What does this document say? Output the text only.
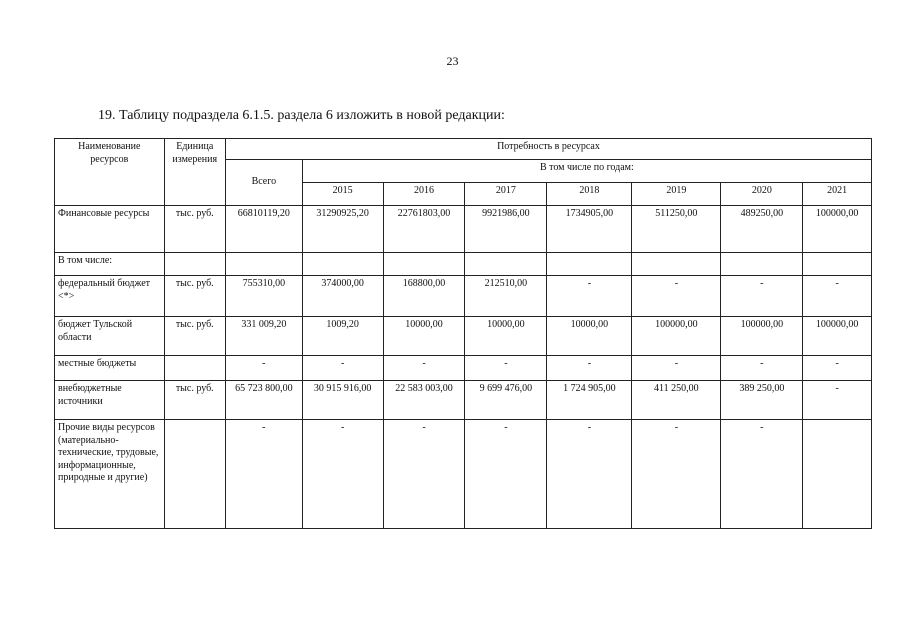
23
19. Таблицу подраздела 6.1.5. раздела 6 изложить в новой редакции:
Наименование ресурсов	Единица измерения	Потребность в ресурсах							
		Всего	В том числе по годам:						
			2015	2016	2017	2018	2019	2020	2021
Финансовые ресурсы	тыс. руб.	66810119,20	31290925,20	22761803,00	9921986,00	1734905,00	511250,00	489250,00	100000,00
В том числе:									
федеральный бюджет <*>	тыс. руб.	755310,00	374000,00	168800,00	212510,00	-	-	-	-
бюджет Тульской области	тыс. руб.	331 009,20	1009,20	10000,00	10000,00	10000,00	100000,00	100000,00	100000,00
местные бюджеты		-	-	-	-	-	-	-	-
внебюджетные источники	тыс. руб.	65 723 800,00	30 915 916,00	22 583 003,00	9 699 476,00	1 724 905,00	411 250,00	389 250,00	-
Прочие виды ресурсов (материально-технические, трудовые, информационные, природные и другие)		-	-	-	-	-	-	-	
